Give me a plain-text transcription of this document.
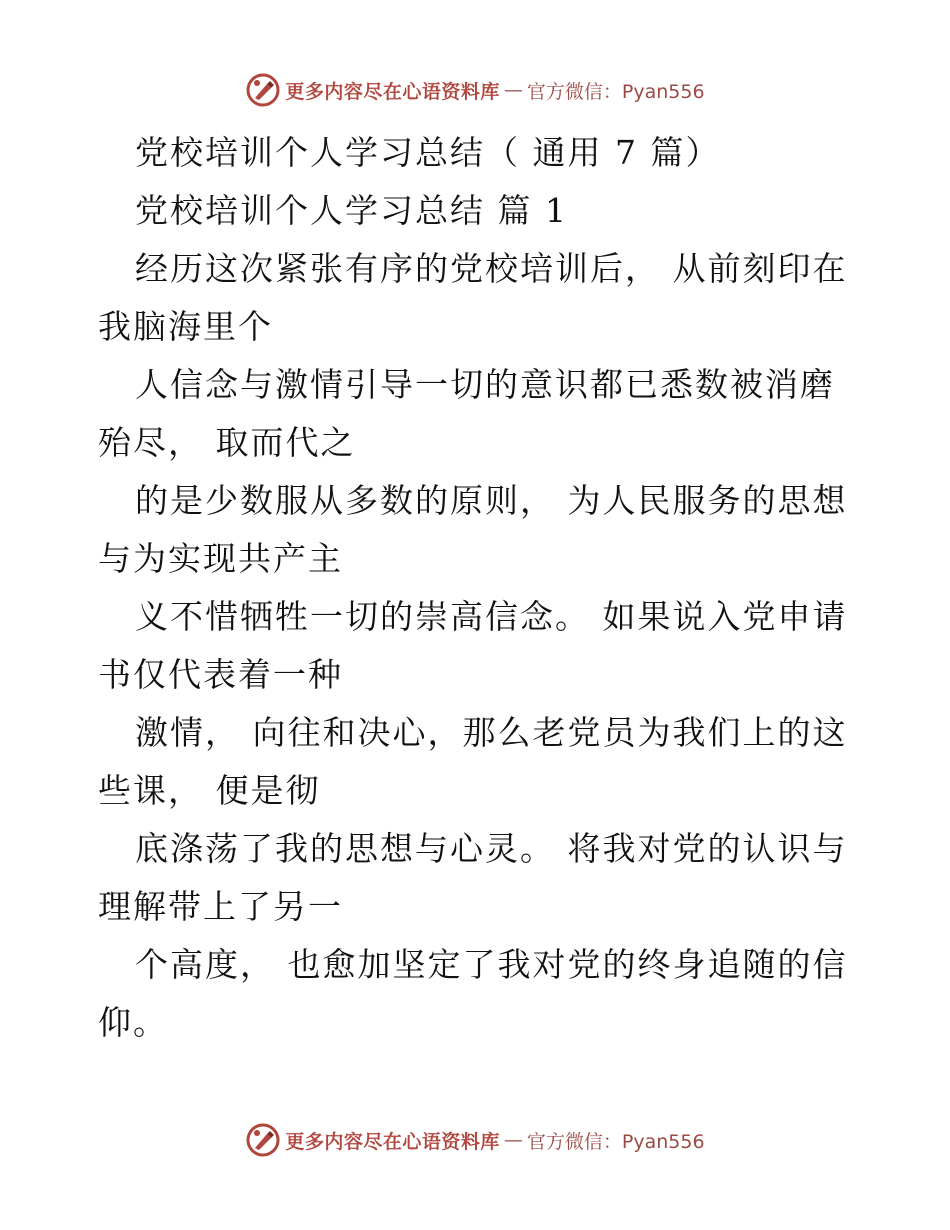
更多内容尽在心语资料库 — 官方微信：Pyan556

党校培训个人学习总结（ 通用 7 篇）

党校培训个人学习总结 篇 1

经历这次紧张有序的党校培训后， 从前刻印在我脑海里个

人信念与激情引导一切的意识都已悉数被消磨殆尽， 取而代之

的是少数服从多数的原则， 为人民服务的思想与为实现共产主

义不惜牺牲一切的崇高信念。 如果说入党申请书仅代表着一种

激情， 向往和决心，那么老党员为我们上的这些课， 便是彻

底涤荡了我的思想与心灵。 将我对党的认识与理解带上了另一

个高度， 也愈加坚定了我对党的终身追随的信仰。

更多内容尽在心语资料库 — 官方微信：Pyan556
